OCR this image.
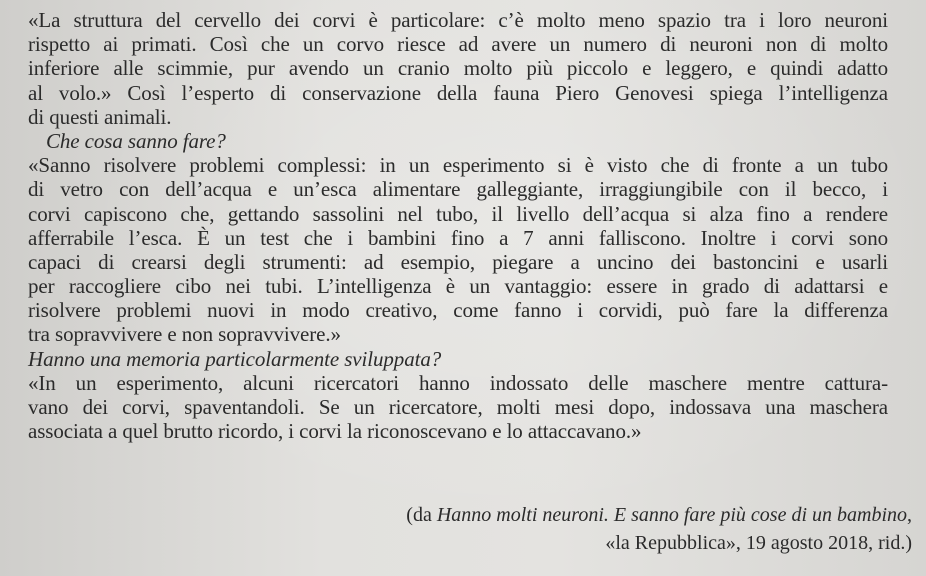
«La struttura del cervello dei corvi è particolare: c’è molto meno spazio tra i loro neuroni
rispetto ai primati. Così che un corvo riesce ad avere un numero di neuroni non di molto
inferiore alle scimmie, pur avendo un cranio molto più piccolo e leggero, e quindi adatto
al volo.» Così l’esperto di conservazione della fauna Piero Genovesi spiega l’intelligenza
di questi animali.
Che cosa sanno fare?
«Sanno risolvere problemi complessi: in un esperimento si è visto che di fronte a un tubo
di vetro con dell’acqua e un’esca alimentare galleggiante, irraggiungibile con il becco, i
corvi capiscono che, gettando sassolini nel tubo, il livello dell’acqua si alza fino a rendere
afferrabile l’esca. È un test che i bambini fino a 7 anni falliscono. Inoltre i corvi sono
capaci di crearsi degli strumenti: ad esempio, piegare a uncino dei bastoncini e usarli
per raccogliere cibo nei tubi. L’intelligenza è un vantaggio: essere in grado di adattarsi e
risolvere problemi nuovi in modo creativo, come fanno i corvidi, può fare la differenza
tra sopravvivere e non sopravvivere.»
Hanno una memoria particolarmente sviluppata?
«In un esperimento, alcuni ricercatori hanno indossato delle maschere mentre cattura-
vano dei corvi, spaventandoli. Se un ricercatore, molti mesi dopo, indossava una maschera
associata a quel brutto ricordo, i corvi la riconoscevano e lo attaccavano.»
(da Hanno molti neuroni. E sanno fare più cose di un bambino,
«la Repubblica», 19 agosto 2018, rid.)
